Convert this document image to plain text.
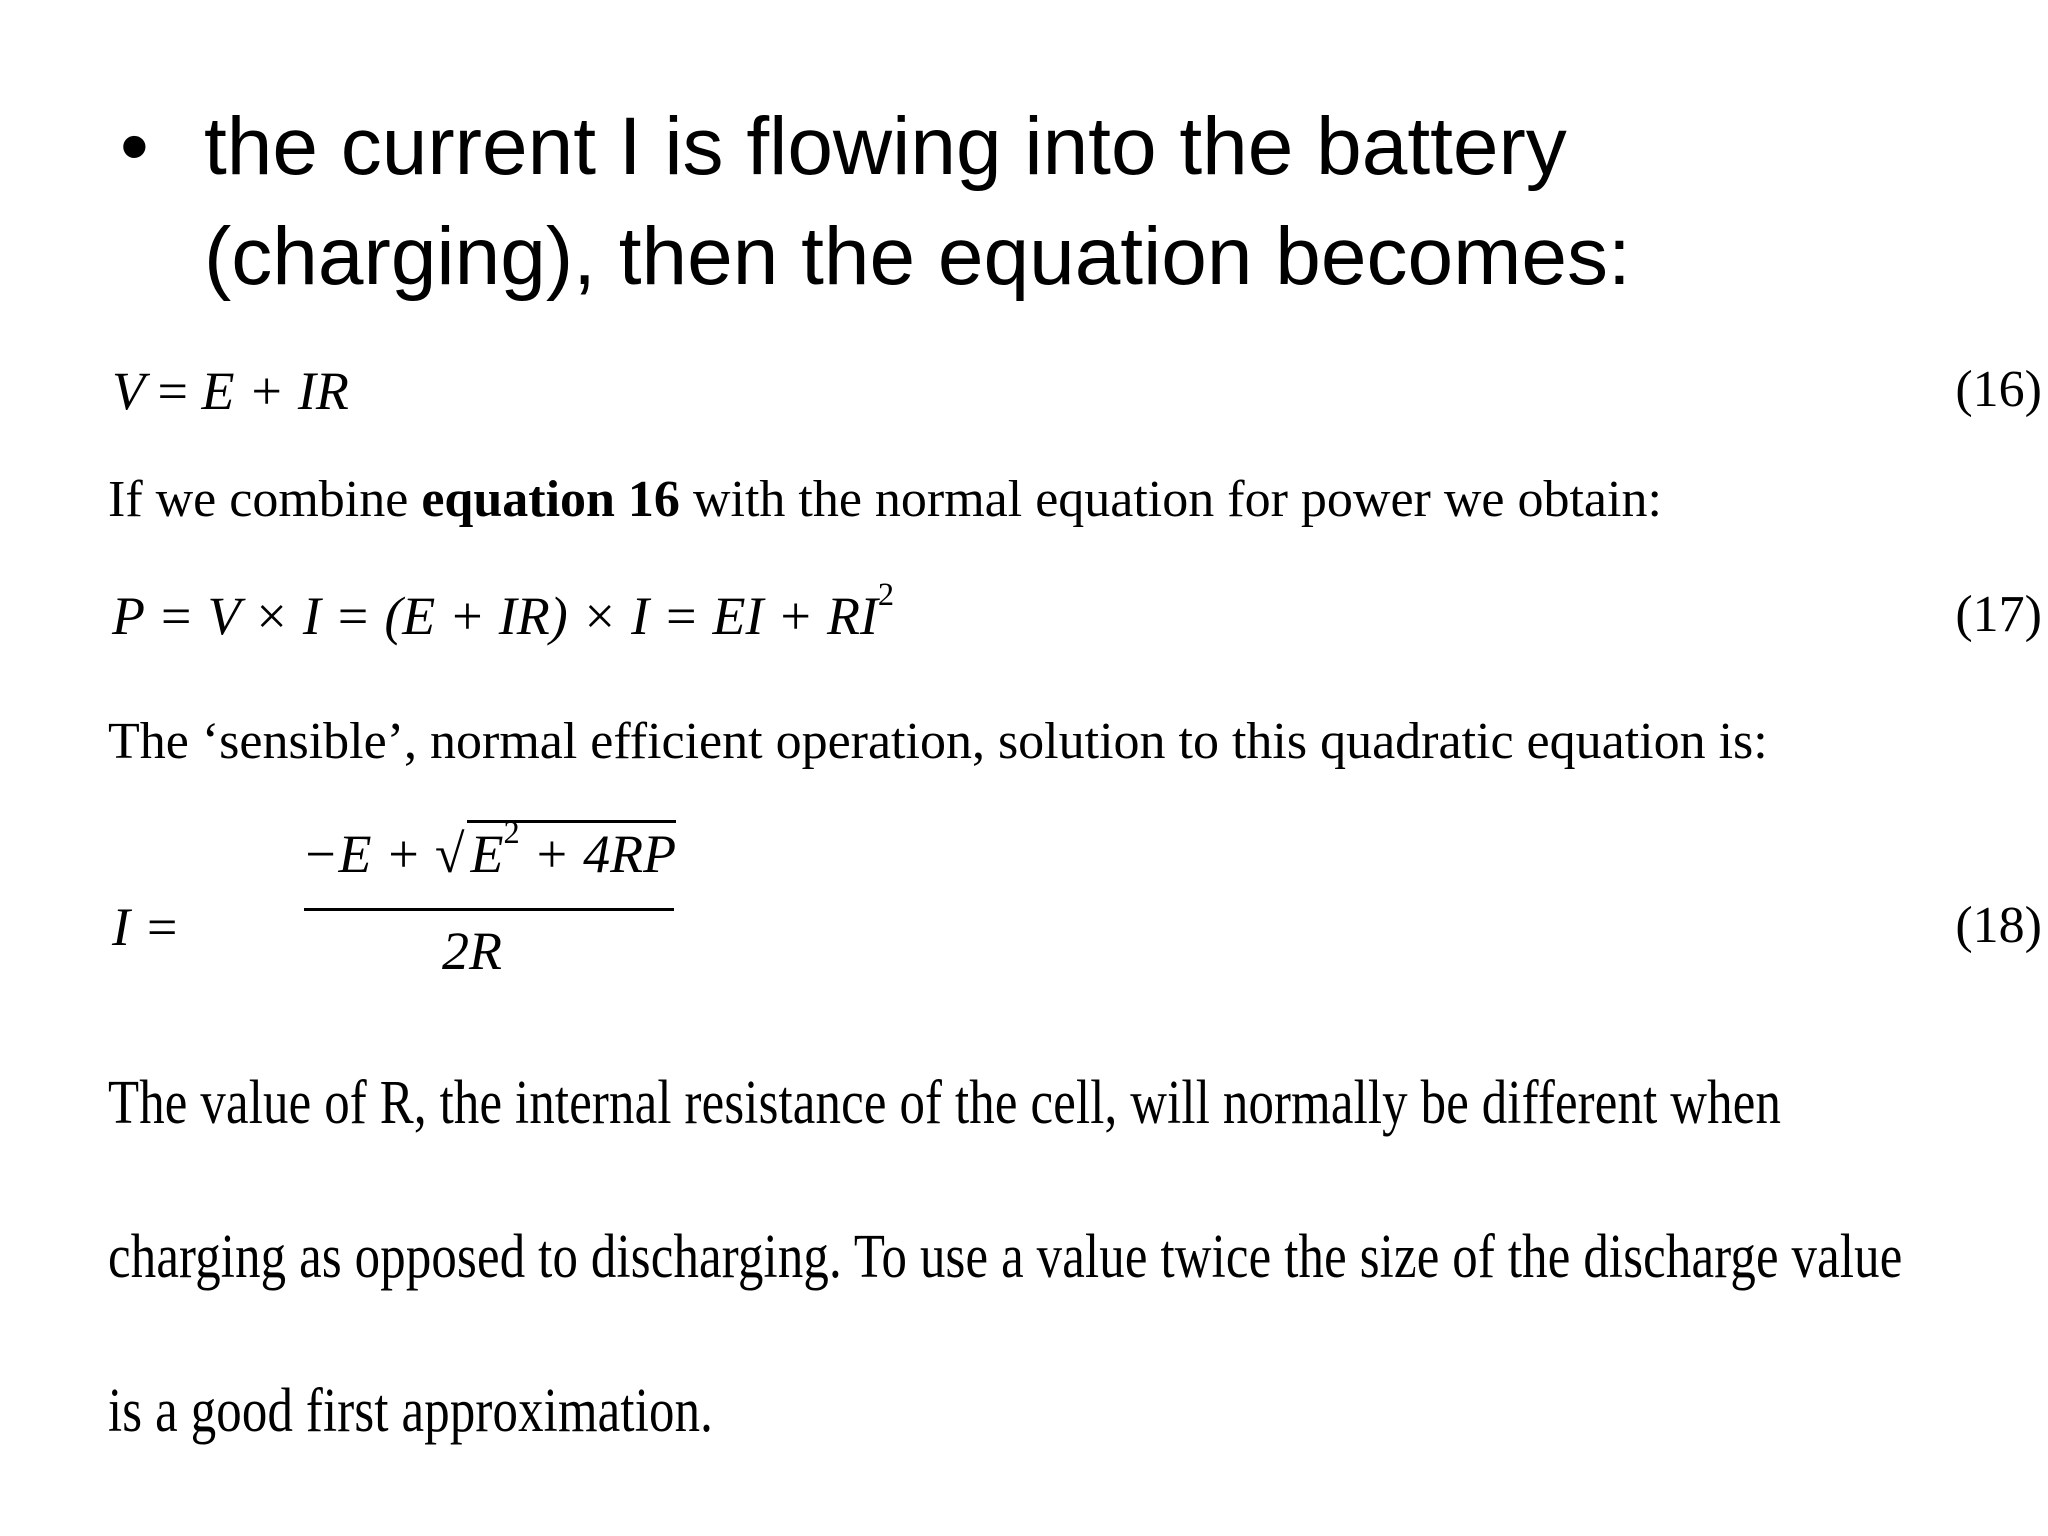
• the current I is flowing into the battery
(charging), then the equation becomes:
V = E + IR	(16)
If we combine equation 16 with the normal equation for power we obtain:
P = V × I = (E + IR) × I = EI + $RI^2$	(17)
The ‘sensible’, normal efficient operation, solution to this quadratic equation is:
I =
−E + √ $E^2 + 4RP$
2R	(18)
The value of R, the internal resistance of the cell, will normally be different when
charging as opposed to discharging. To use a value twice the size of the discharge value
is a good first approximation.
